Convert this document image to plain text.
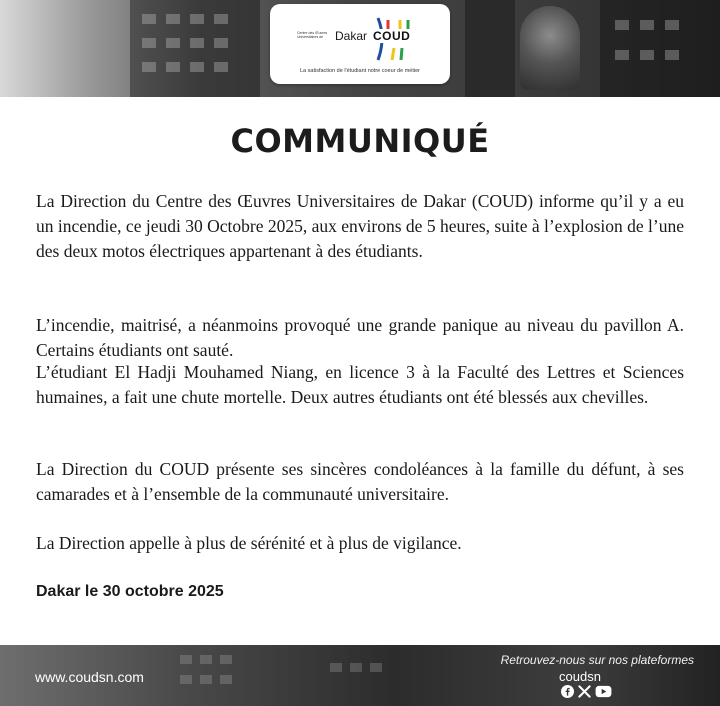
Centre des Œuvres Universitaires de Dakar COUD
La satisfaction de l'étudiant notre coeur de métier
COMMUNIQUÉ

La Direction du Centre des Œuvres Universitaires de Dakar (COUD) informe qu’il y a eu un incendie, ce jeudi 30 Octobre 2025, aux environs de 5 heures, suite à l’explosion de l’une des deux motos électriques appartenant à des étudiants.

L’incendie, maitrisé, a néanmoins provoqué une grande panique au niveau du pavillon A. Certains étudiants ont sauté.

L’étudiant El Hadji Mouhamed Niang, en licence 3 à la Faculté des Lettres et Sciences humaines, a fait une chute mortelle. Deux autres étudiants ont été blessés aux chevilles.

La Direction du COUD présente ses sincères condoléances à la famille du défunt, à ses camarades et à l’ensemble de la communauté universitaire.

La Direction appelle à plus de sérénité et à plus de vigilance.

Dakar le 30 octobre 2025
www.coudsn.com
Retrouvez-nous sur nos plateformes
coudsn
